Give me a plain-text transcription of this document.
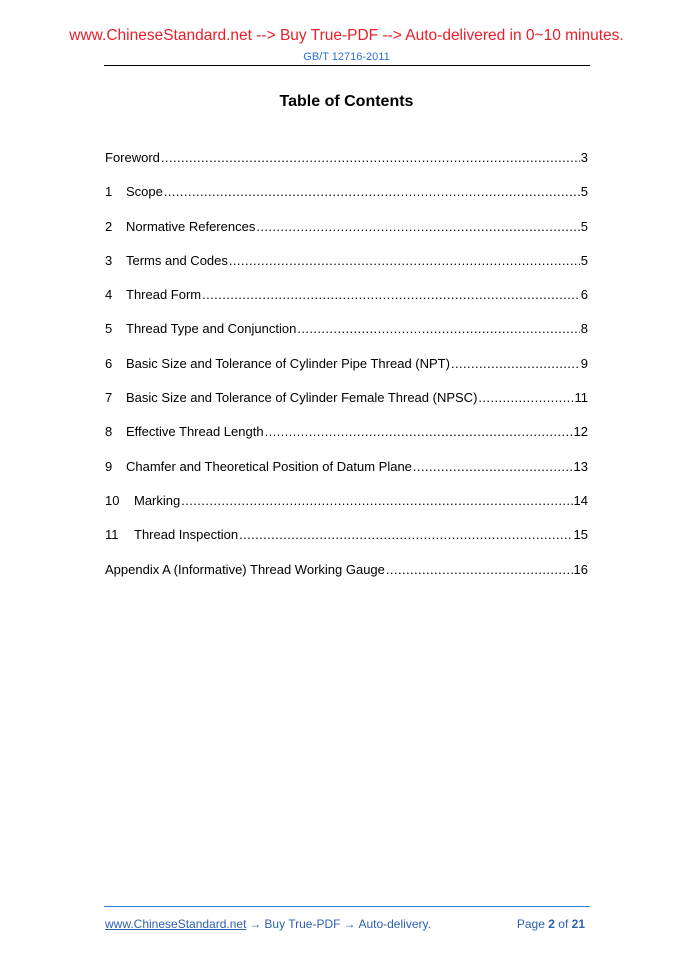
www.ChineseStandard.net --> Buy True-PDF --> Auto-delivered in 0~10 minutes.
GB/T 12716-2011
Table of Contents
Foreword .....	3
1	Scope .....	5
2	Normative References .....	5
3	Terms and Codes .....	5
4	Thread Form .....	6
5	Thread Type and Conjunction .....	8
6	Basic Size and Tolerance of Cylinder Pipe Thread (NPT) .....	9
7	Basic Size and Tolerance of Cylinder Female Thread (NPSC) .....	11
8	Effective Thread Length .....	12
9	Chamfer and Theoretical Position of Datum Plane .....	13
10	Marking .....	14
11	Thread Inspection .....	15
Appendix A (Informative) Thread Working Gauge .....	16
www.ChineseStandard.net → Buy True-PDF → Auto-delivery.	Page 2 of 21
